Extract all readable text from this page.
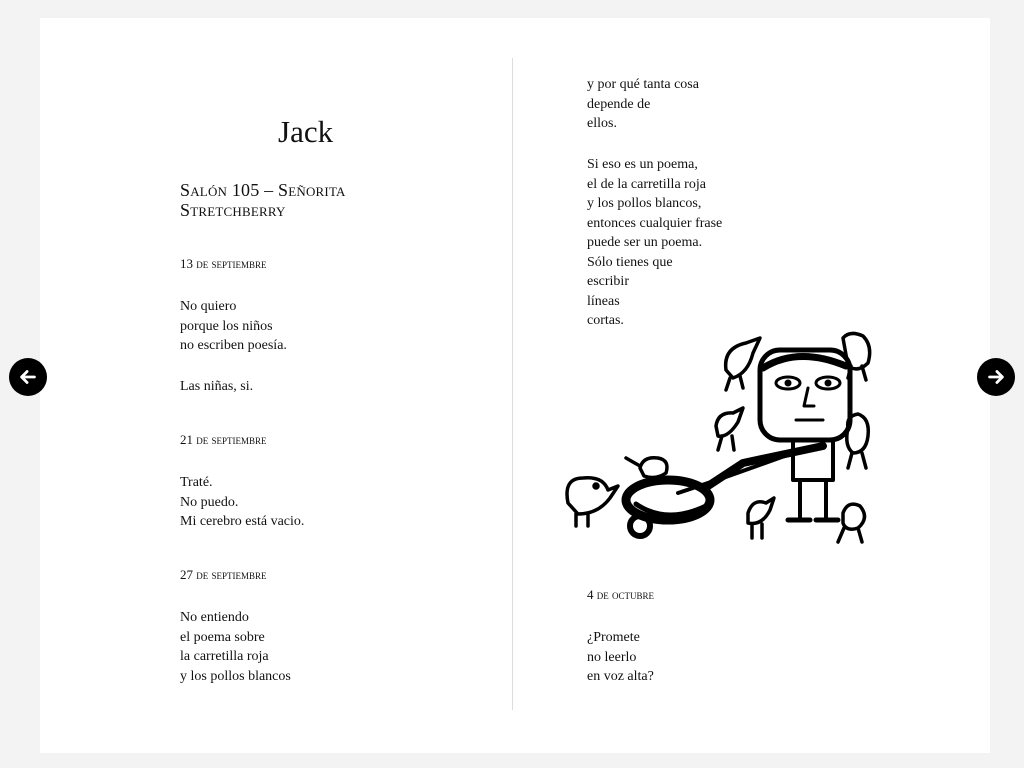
Jack
Salón 105 – Señorita
Stretchberry
13 de septiembre
No quiero
porque los niños
no escriben poesía.
Las niñas, si.
21 de septiembre
Traté.
No puedo.
Mi cerebro está vacio.
27 de septiembre
No entiendo
el poema sobre
la carretilla roja
y los pollos blancos
y por qué tanta cosa
depende de
ellos.
Si eso es un poema,
el de la carretilla roja
y los pollos blancos,
entonces cualquier frase
puede ser un poema.
Sólo tienes que
escribir
líneas
cortas.
4 de octubre
¿Promete
no leerlo
en voz alta?
